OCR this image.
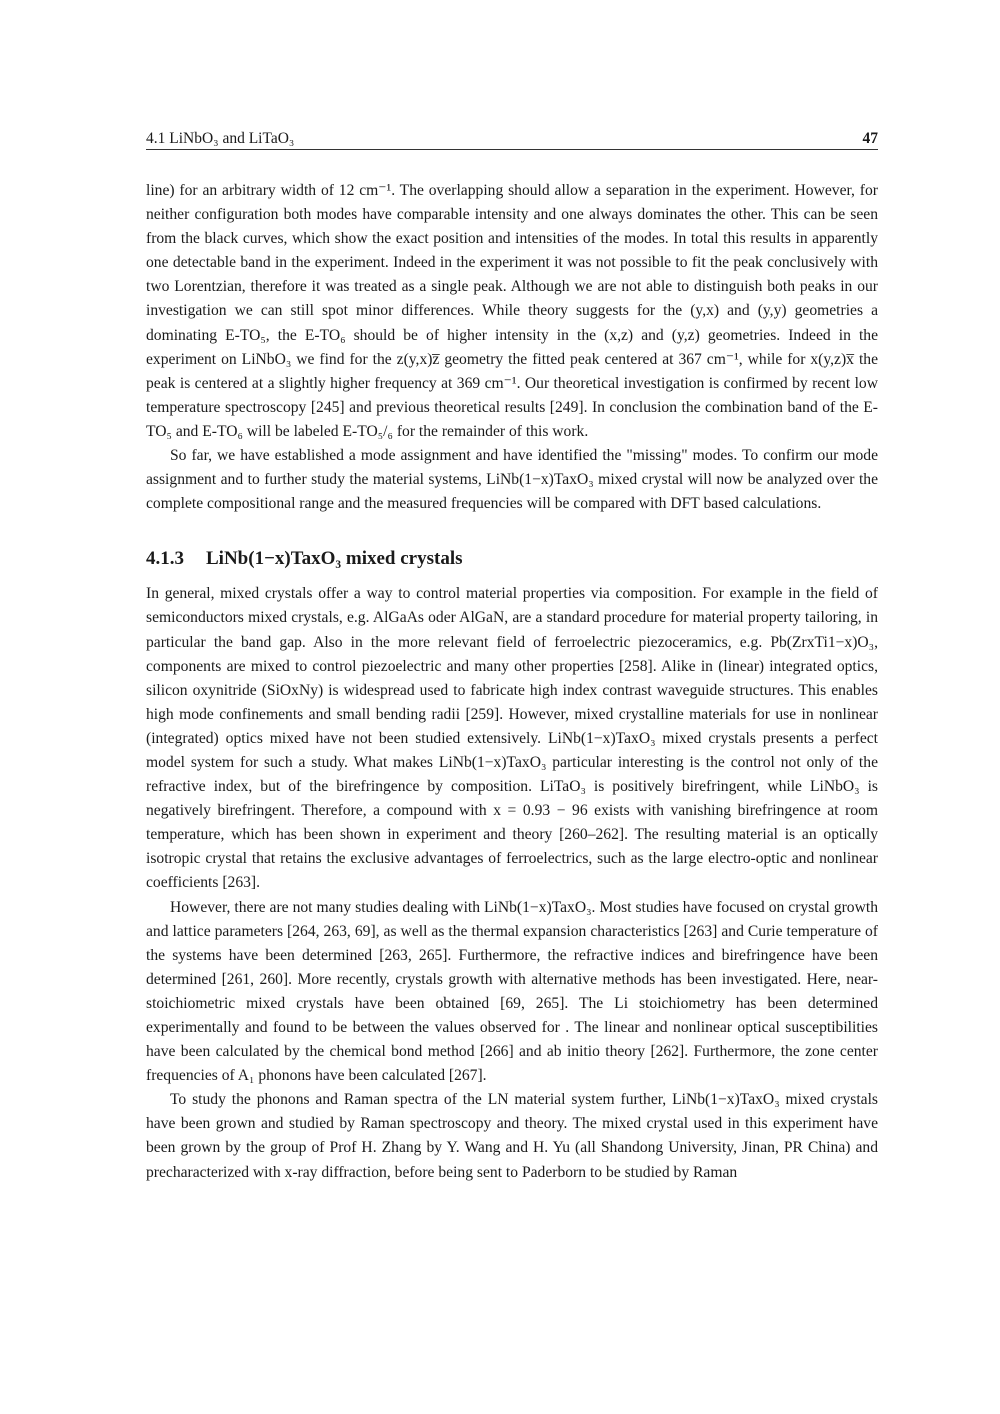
4.1 LiNbO₃ and LiTaO₃	47

line) for an arbitrary width of 12 cm⁻¹. The overlapping should allow a separation in the experiment. However, for neither configuration both modes have comparable intensity and one always dominates the other. This can be seen from the black curves, which show the exact position and intensities of the modes. In total this results in apparently one detectable band in the experiment. Indeed in the experiment it was not possible to fit the peak conclusively with two Lorentzian, therefore it was treated as a single peak. Although we are not able to distinguish both peaks in our investigation we can still spot minor differences. While theory suggests for the (y,x) and (y,y) geometries a dominating E-TO₅, the E-TO₆ should be of higher intensity in the (x,z) and (y,z) geometries. Indeed in the experiment on LiNbO₃ we find for the z(y,x)z̅ geometry the fitted peak centered at 367 cm⁻¹, while for x(y,z)x̅ the peak is centered at a slightly higher frequency at 369 cm⁻¹. Our theoretical investigation is confirmed by recent low temperature spectroscopy [245] and previous theoretical results [249]. In conclusion the combination band of the E-TO₅ and E-TO₆ will be labeled E-TO₅/₆ for the remainder of this work.

So far, we have established a mode assignment and have identified the "missing" modes. To confirm our mode assignment and to further study the material systems, LiNb(1−x)TaxO₃ mixed crystal will now be analyzed over the complete compositional range and the measured frequencies will be compared with DFT based calculations.

4.1.3 LiNb(1−x)TaxO₃ mixed crystals

In general, mixed crystals offer a way to control material properties via composition. For example in the field of semiconductors mixed crystals, e.g. AlGaAs oder AlGaN, are a standard procedure for material property tailoring, in particular the band gap. Also in the more relevant field of ferroelectric piezoceramics, e.g. Pb(ZrxTi1−x)O₃, components are mixed to control piezoelectric and many other properties [258]. Alike in (linear) integrated optics, silicon oxynitride (SiOxNy) is widespread used to fabricate high index contrast waveguide structures. This enables high mode confinements and small bending radii [259]. However, mixed crystalline materials for use in nonlinear (integrated) optics mixed have not been studied extensively. LiNb(1−x)TaxO₃ mixed crystals presents a perfect model system for such a study. What makes LiNb(1−x)TaxO₃ particular interesting is the control not only of the refractive index, but of the birefringence by composition. LiTaO₃ is positively birefringent, while LiNbO₃ is negatively birefringent. Therefore, a compound with x = 0.93 − 96 exists with vanishing birefringence at room temperature, which has been shown in experiment and theory [260–262]. The resulting material is an optically isotropic crystal that retains the exclusive advantages of ferroelectrics, such as the large electro-optic and nonlinear coefficients [263].

However, there are not many studies dealing with LiNb(1−x)TaxO₃. Most studies have focused on crystal growth and lattice parameters [264, 263, 69], as well as the thermal expansion characteristics [263] and Curie temperature of the systems have been determined [263, 265]. Furthermore, the refractive indices and birefringence have been determined [261, 260]. More recently, crystals growth with alternative methods has been investigated. Here, near-stoichiometric mixed crystals have been obtained [69, 265]. The Li stoichiometry has been determined experimentally and found to be between the values observed for . The linear and nonlinear optical susceptibilities have been calculated by the chemical bond method [266] and ab initio theory [262]. Furthermore, the zone center frequencies of A₁ phonons have been calculated [267].

To study the phonons and Raman spectra of the LN material system further, LiNb(1−x)TaxO₃ mixed crystals have been grown and studied by Raman spectroscopy and theory. The mixed crystal used in this experiment have been grown by the group of Prof H. Zhang by Y. Wang and H. Yu (all Shandong University, Jinan, PR China) and precharacterized with x-ray diffraction, before being sent to Paderborn to be studied by Raman
